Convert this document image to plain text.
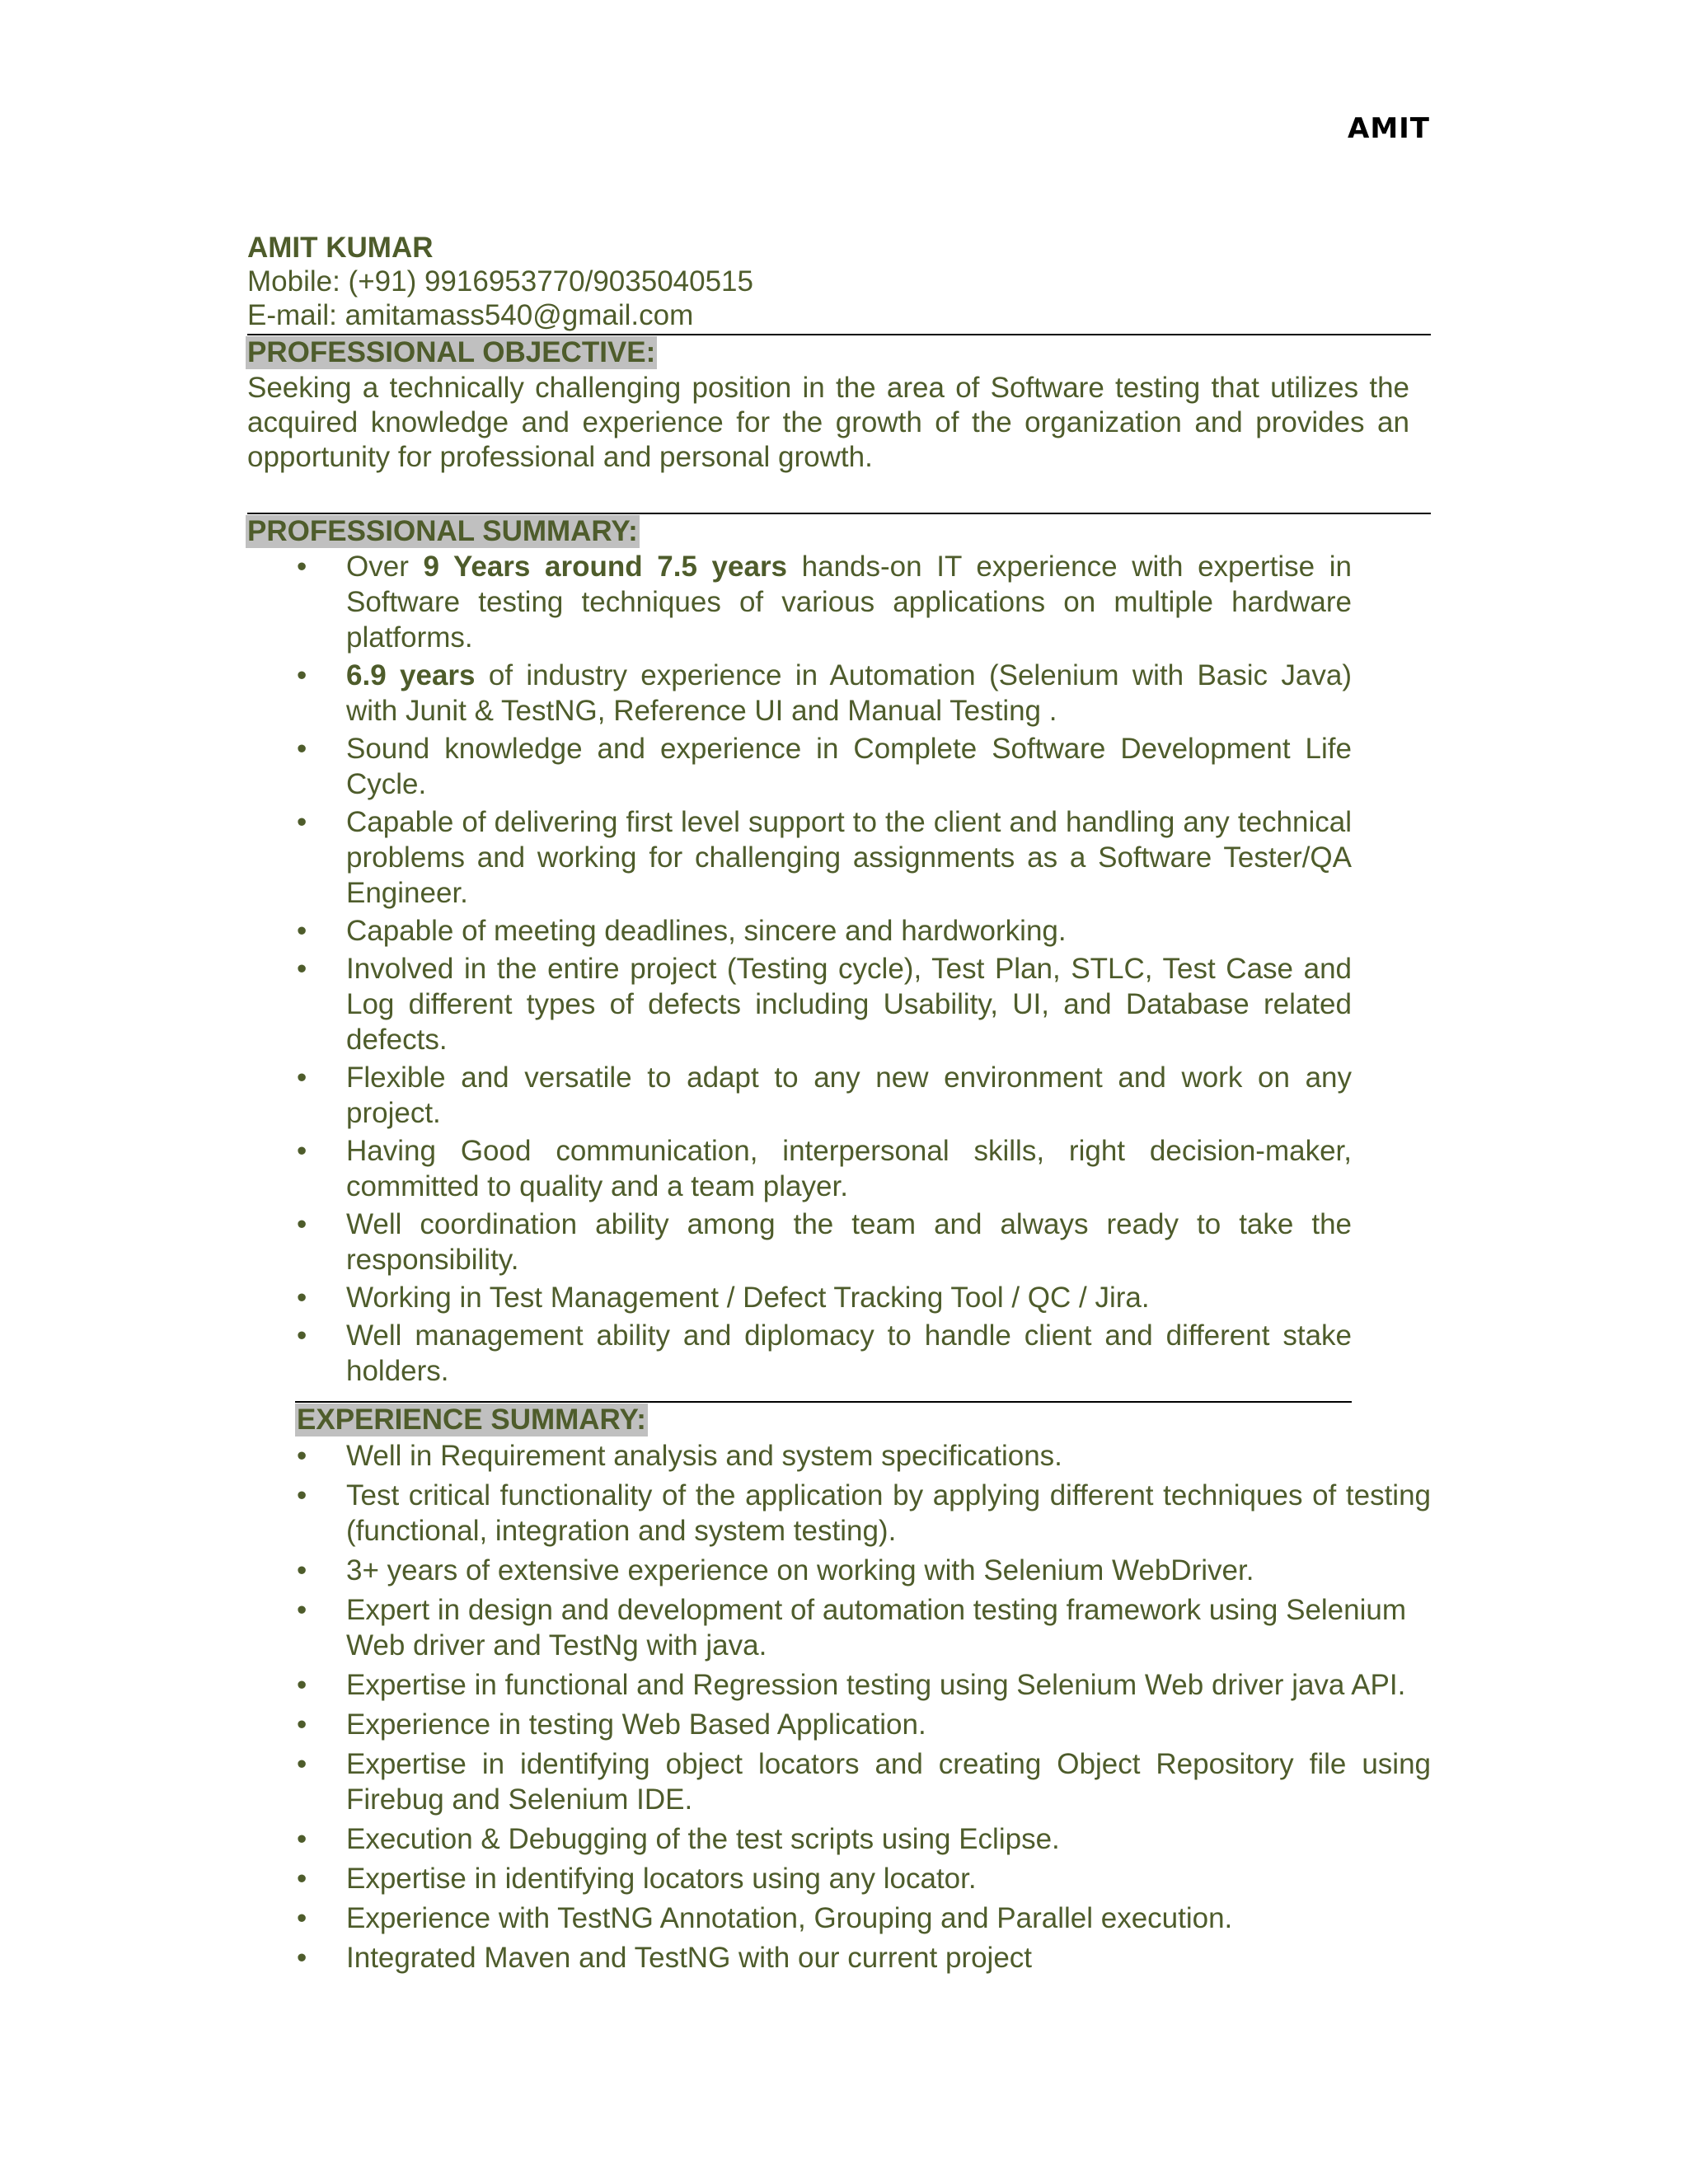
AMIT
AMIT KUMAR
Mobile: (+91) 9916953770/9035040515
E-mail: amitamass540@gmail.com
PROFESSIONAL OBJECTIVE:
Seeking a technically challenging position in the area of Software testing that utilizes the acquired knowledge and experience for the growth of the organization and provides an opportunity for professional and personal growth.
PROFESSIONAL SUMMARY:
•	Over 9 Years around 7.5 years hands-on IT experience with expertise in Software testing techniques of various applications on multiple hardware platforms.
•	6.9 years of industry experience in Automation (Selenium with Basic Java) with Junit & TestNG, Reference UI and Manual Testing .
•	Sound knowledge and experience in Complete Software Development Life Cycle.
•	Capable of delivering first level support to the client and handling any technical problems and working for challenging assignments as a Software Tester/QA Engineer.
•	Capable of meeting deadlines, sincere and hardworking.
•	Involved in the entire project (Testing cycle), Test Plan, STLC, Test Case and Log different types of defects including Usability, UI, and Database related defects.
•	Flexible and versatile to adapt to any new environment and work on any project.
•	Having Good communication, interpersonal skills, right decision-maker, committed to quality and a team player.
•	Well coordination ability among the team and always ready to take the responsibility.
•	Working in Test Management / Defect Tracking Tool / QC / Jira.
•	Well management ability and diplomacy to handle client and different stake holders.
EXPERIENCE SUMMARY:
•	Well in Requirement analysis and system specifications.
•	Test critical functionality of the application by applying different techniques of testing (functional, integration and system testing).
•	3+ years of extensive experience on working with Selenium WebDriver.
•	Expert in design and development of automation testing framework using Selenium Web driver and TestNg with java.
•	Expertise in functional and Regression testing using Selenium Web driver java API.
•	Experience in testing Web Based Application.
•	Expertise in identifying object locators and creating Object Repository file using Firebug and Selenium IDE.
•	Execution & Debugging of the test scripts using Eclipse.
•	Expertise in identifying locators using any locator.
•	Experience with TestNG Annotation, Grouping and Parallel execution.
•	Integrated Maven and TestNG with our current project
